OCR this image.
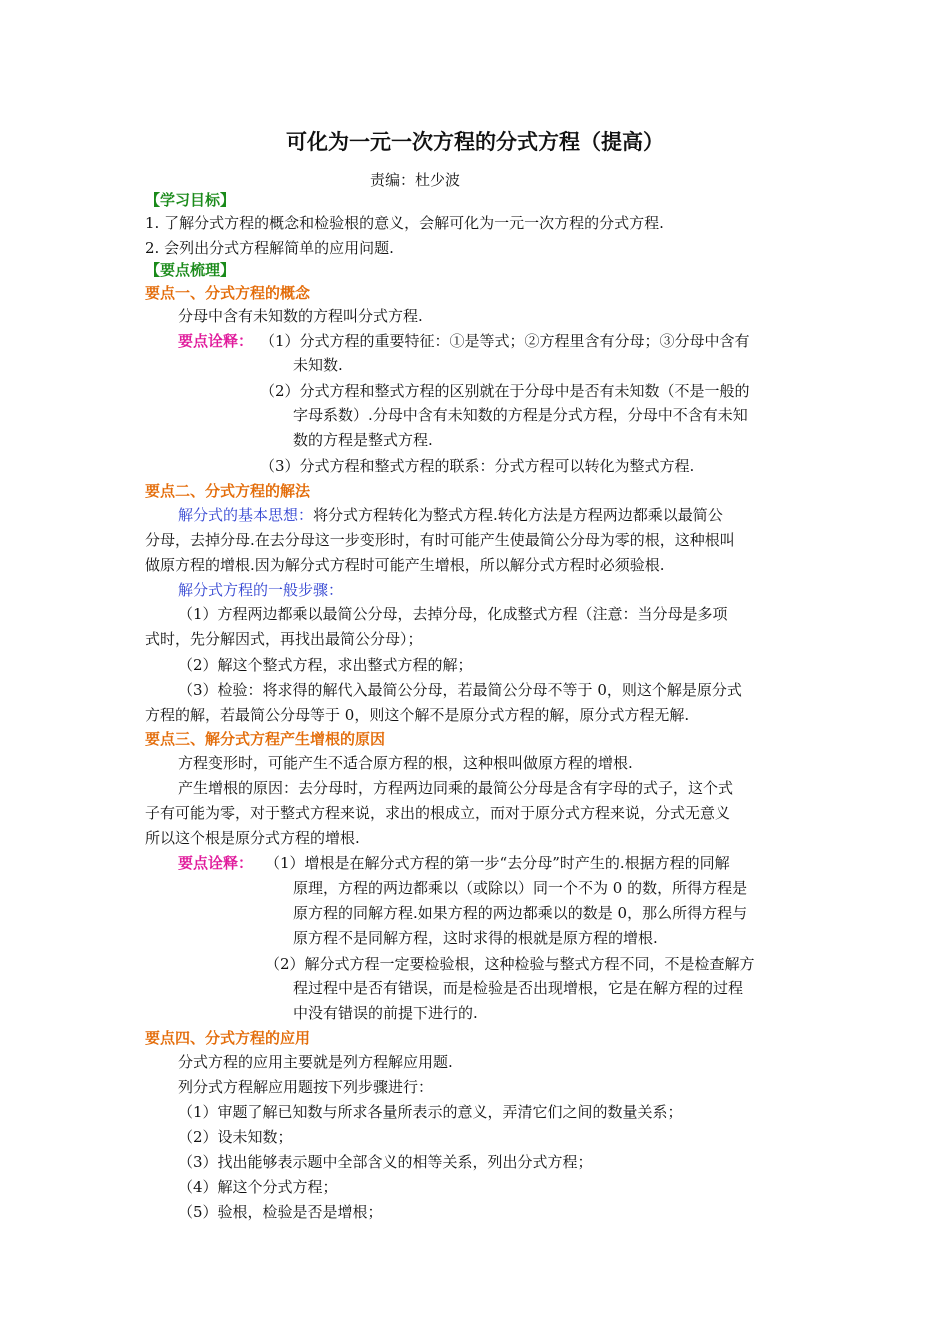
可化为一元一次方程的分式方程（提高）
责编：杜少波
【学习目标】
1. 了解分式方程的概念和检验根的意义，会解可化为一元一次方程的分式方程.
2. 会列出分式方程解简单的应用问题.
【要点梳理】
要点一、分式方程的概念
分母中含有未知数的方程叫分式方程.
要点诠释： （1）分式方程的重要特征：①是等式；②方程里含有分母；③分母中含有
未知数.
（2）分式方程和整式方程的区别就在于分母中是否有未知数（不是一般的
字母系数）.分母中含有未知数的方程是分式方程，分母中不含有未知
数的方程是整式方程.
（3）分式方程和整式方程的联系：分式方程可以转化为整式方程.
要点二、分式方程的解法
解分式的基本思想：将分式方程转化为整式方程.转化方法是方程两边都乘以最简公
分母，去掉分母.在去分母这一步变形时，有时可能产生使最简公分母为零的根，这种根叫
做原方程的增根.因为解分式方程时可能产生增根，所以解分式方程时必须验根.
解分式方程的一般步骤：
（1）方程两边都乘以最简公分母，去掉分母，化成整式方程（注意：当分母是多项
式时，先分解因式，再找出最简公分母）；
（2）解这个整式方程，求出整式方程的解；
（3）检验：将求得的解代入最简公分母，若最简公分母不等于 0，则这个解是原分式
方程的解，若最简公分母等于 0，则这个解不是原分式方程的解，原分式方程无解.
要点三、解分式方程产生增根的原因
方程变形时，可能产生不适合原方程的根，这种根叫做原方程的增根.
产生增根的原因：去分母时，方程两边同乘的最简公分母是含有字母的式子，这个式
子有可能为零，对于整式方程来说，求出的根成立，而对于原分式方程来说，分式无意义
所以这个根是原分式方程的增根.
要点诠释： （1）增根是在解分式方程的第一步“去分母”时产生的.根据方程的同解
原理，方程的两边都乘以（或除以）同一个不为 0 的数，所得方程是
原方程的同解方程.如果方程的两边都乘以的数是 0，那么所得方程与
原方程不是同解方程，这时求得的根就是原方程的增根.
（2）解分式方程一定要检验根，这种检验与整式方程不同，不是检查解方
程过程中是否有错误，而是检验是否出现增根，它是在解方程的过程
中没有错误的前提下进行的.
要点四、分式方程的应用
分式方程的应用主要就是列方程解应用题.
列分式方程解应用题按下列步骤进行：
（1）审题了解已知数与所求各量所表示的意义，弄清它们之间的数量关系；
（2）设未知数；
（3）找出能够表示题中全部含义的相等关系，列出分式方程；
（4）解这个分式方程；
（5）验根，检验是否是增根；
